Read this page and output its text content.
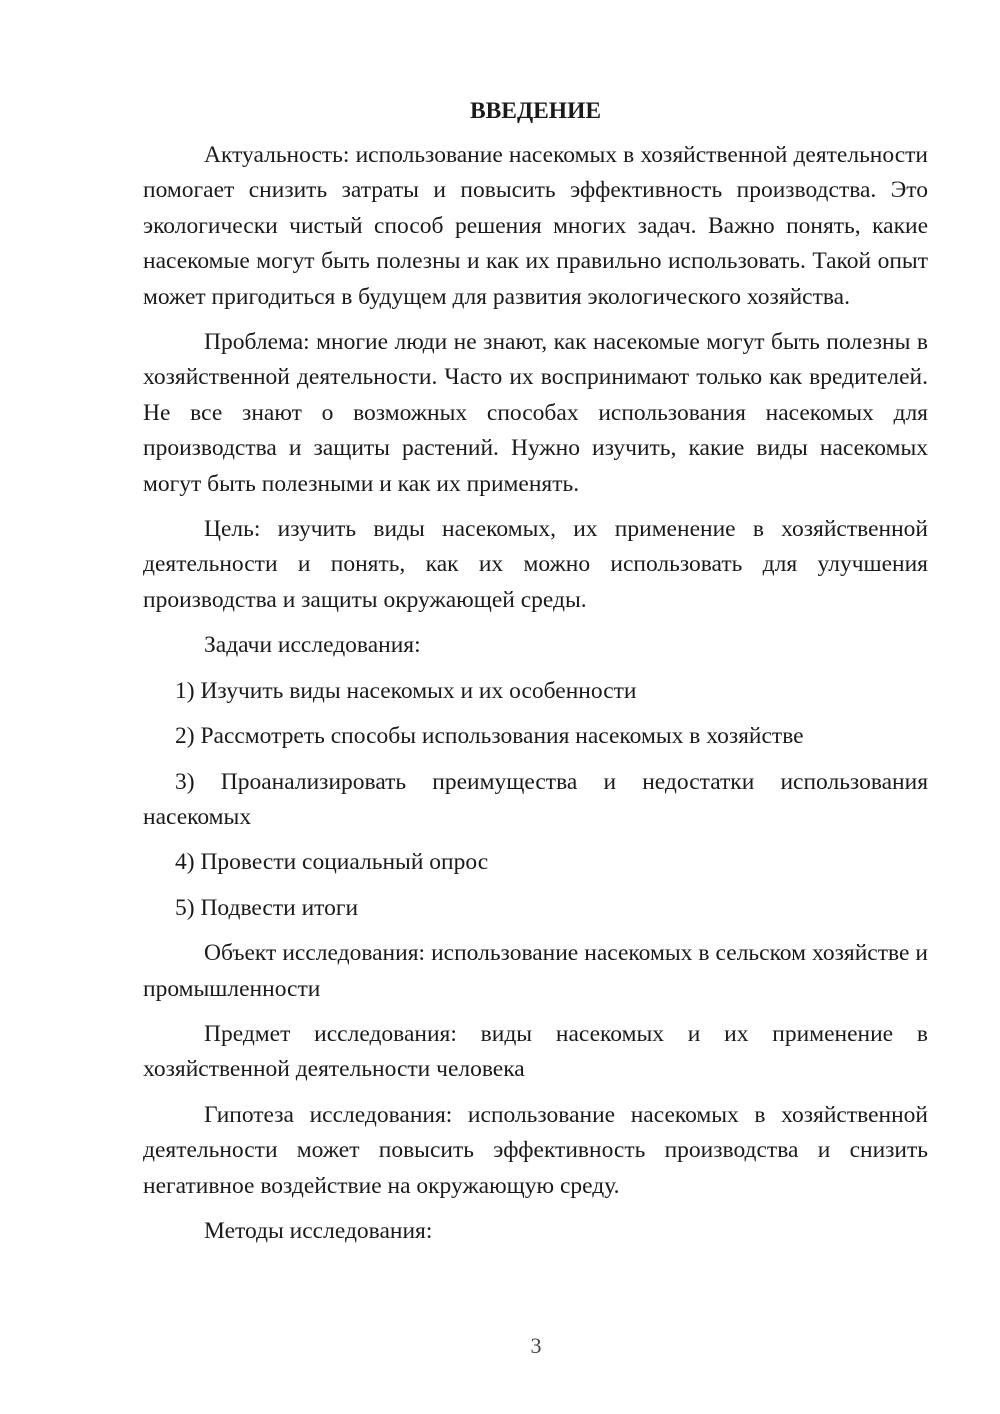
ВВЕДЕНИЕ

Актуальность: использование насекомых в хозяйственной деятельности помогает снизить затраты и повысить эффективность производства. Это экологически чистый способ решения многих задач. Важно понять, какие насекомые могут быть полезны и как их правильно использовать. Такой опыт может пригодиться в будущем для развития экологического хозяйства.

Проблема: многие люди не знают, как насекомые могут быть полезны в хозяйственной деятельности. Часто их воспринимают только как вредителей. Не все знают о возможных способах использования насекомых для производства и защиты растений. Нужно изучить, какие виды насекомых могут быть полезными и как их применять.

Цель: изучить виды насекомых, их применение в хозяйственной деятельности и понять, как их можно использовать для улучшения производства и защиты окружающей среды.

Задачи исследования:

1) Изучить виды насекомых и их особенности

2) Рассмотреть способы использования насекомых в хозяйстве

3) Проанализировать преимущества и недостатки использования насекомых

4) Провести социальный опрос

5) Подвести итоги

Объект исследования: использование насекомых в сельском хозяйстве и промышленности

Предмет исследования: виды насекомых и их применение в хозяйственной деятельности человека

Гипотеза исследования: использование насекомых в хозяйственной деятельности может повысить эффективность производства и снизить негативное воздействие на окружающую среду.

Методы исследования:

3
